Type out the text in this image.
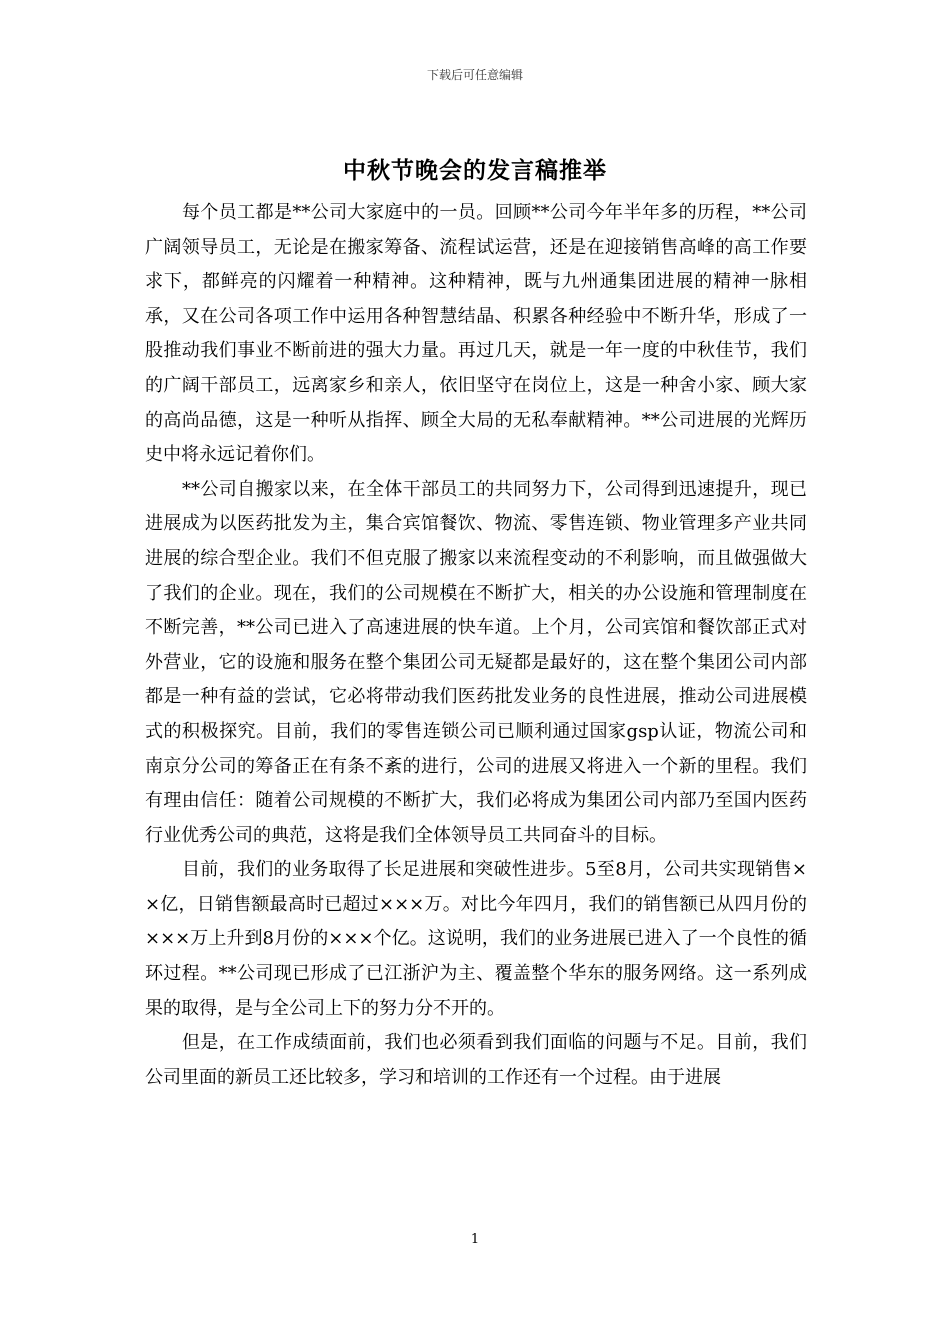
下载后可任意编辑
中秋节晚会的发言稿推举

每个员工都是**公司大家庭中的一员。回顾**公司今年半年多的历程，**公司广阔领导员工，无论是在搬家筹备、流程试运营，还是在迎接销售高峰的高工作要求下，都鲜亮的闪耀着一种精神。这种精神，既与九州通集团进展的精神一脉相承，又在公司各项工作中运用各种智慧结晶、积累各种经验中不断升华，形成了一股推动我们事业不断前进的强大力量。再过几天，就是一年一度的中秋佳节，我们的广阔干部员工，远离家乡和亲人，依旧坚守在岗位上，这是一种舍小家、顾大家的高尚品德，这是一种听从指挥、顾全大局的无私奉献精神。**公司进展的光辉历史中将永远记着你们。

**公司自搬家以来，在全体干部员工的共同努力下，公司得到迅速提升，现已进展成为以医药批发为主，集合宾馆餐饮、物流、零售连锁、物业管理多产业共同进展的综合型企业。我们不但克服了搬家以来流程变动的不利影响，而且做强做大了我们的企业。现在，我们的公司规模在不断扩大，相关的办公设施和管理制度在不断完善，**公司已进入了高速进展的快车道。上个月，公司宾馆和餐饮部正式对外营业，它的设施和服务在整个集团公司无疑都是最好的，这在整个集团公司内部都是一种有益的尝试，它必将带动我们医药批发业务的良性进展，推动公司进展模式的积极探究。目前，我们的零售连锁公司已顺利通过国家gsp认证，物流公司和南京分公司的筹备正在有条不紊的进行，公司的进展又将进入一个新的里程。我们有理由信任：随着公司规模的不断扩大，我们必将成为集团公司内部乃至国内医药行业优秀公司的典范，这将是我们全体领导员工共同奋斗的目标。

目前，我们的业务取得了长足进展和突破性进步。5至8月，公司共实现销售××亿，日销售额最高时已超过×××万。对比今年四月，我们的销售额已从四月份的×××万上升到8月份的×××个亿。这说明，我们的业务进展已进入了一个良性的循环过程。**公司现已形成了已江浙沪为主、覆盖整个华东的服务网络。这一系列成果的取得，是与全公司上下的努力分不开的。

但是，在工作成绩面前，我们也必须看到我们面临的问题与不足。目前，我们公司里面的新员工还比较多，学习和培训的工作还有一个过程。由于进展

1
